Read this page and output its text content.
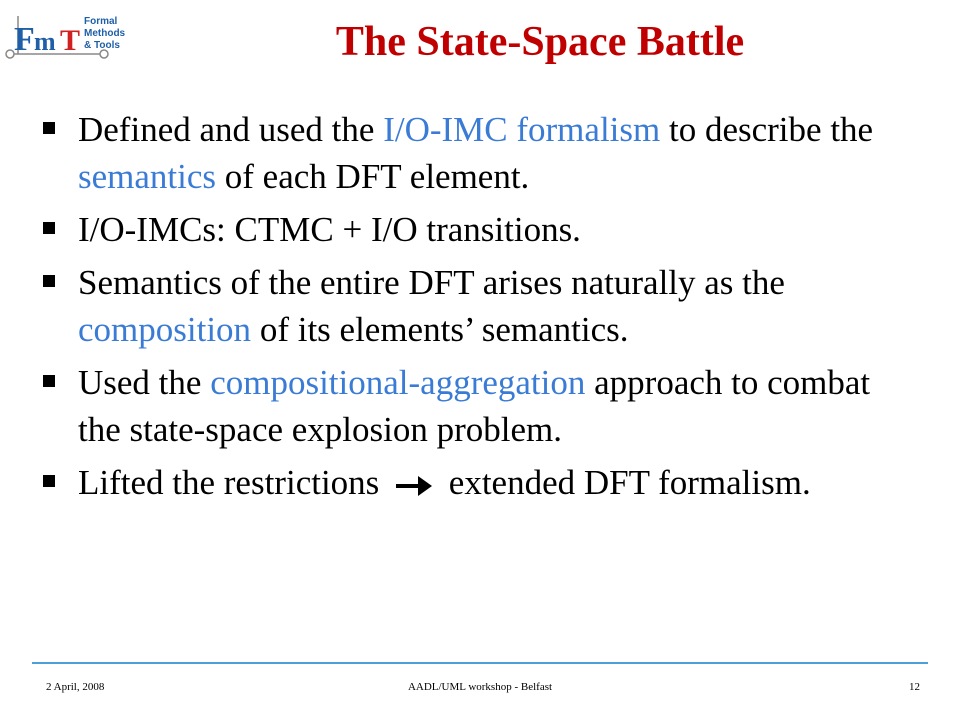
F m T
Formal
Methods
& Tools	The State-Space Battle
Defined and used the I/O-IMC formalism to describe the semantics of each DFT element.
I/O-IMCs: CTMC + I/O transitions.
Semantics of the entire DFT arises naturally as the composition of its elements’ semantics.
Used the compositional-aggregation approach to combat the state-space explosion problem.
Lifted the restrictions  extended DFT formalism.
2 April, 2008	AADL/UML workshop - Belfast	12
